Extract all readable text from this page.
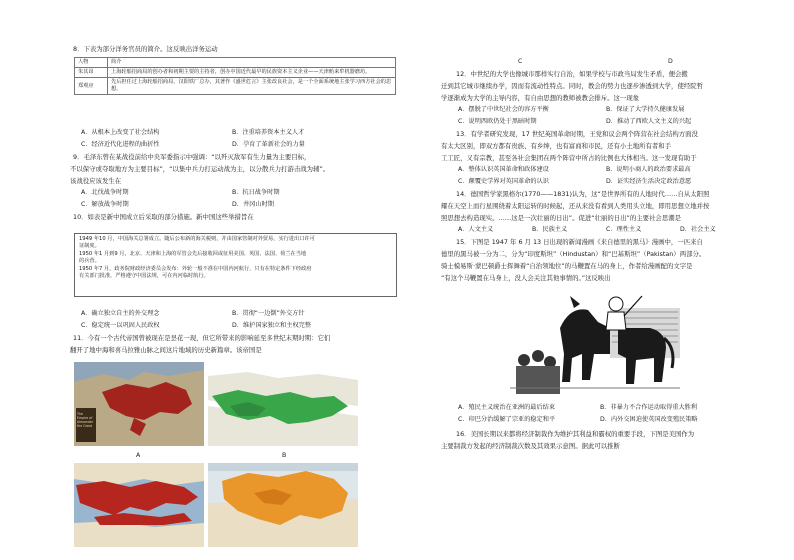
8．下表为部分洋务官员的简介。这反映出洋务运动
人物	简介
朱其昂	上海轮船招商局的创办者和初期主要的主持者，创办中国近代最早的民族资本主义企业——天津贻来牟机器磨坊。
郑观应	先后担任过上海轮船招商局、汉阳铁厂总办，其著作《盛世危言》主张改良社会，是一个全面系统地主张学习西方社会的思想。
A．从根本上改变了社会结构	B．注重培养资本主义人才
C．经济近代化进程的曲折性	D．孕育了革新社会的力量
9．毛泽东曾在某战役前给中央军委指示中强调：“以歼灭敌军有生力量为主要目标，
不以保守或夺取地方为主要目标”，“以集中兵力打运动战为主，以分散兵力打游击战为辅”。
该战役应该发生在
A．北伐战争时期	B．抗日战争时期
C．解放战争时期	D．井冈山时期
10．如表是新中国成立后采取的部分措施。新中国这些举措旨在
1949 年10 月，中国海关总署成立。随后公布新的海关税则，并由国家管制对外贸易，实行进出口许可
证制度。
1950 年1 月到9 月，北京、天津和上海的军管会先后接收回或征用美国、英国、法国、荷兰在当地
的兵营。
1950 年7 月，政务院财政经济委员会发布：外轮一般不准在中国内河航行，只有在特定条件下经政府
有关部门批准，严格遵守中国法规，可在内河临时航行。
A．确立独立自主的外交理念	B．贯彻“一边倒”外交方针
C．稳定统一以巩固人民政权	D．维护国家独立和主权完整
11．今有一个古代帝国曾被现在是昙花一现，但它所带来的影响延至多世纪末期时期：它们
翻开了地中海和喜马拉雅山脉之间这片地域的历史新篇章。该帝国是
The Empire of Alexander the Great
A	B
C	D
12．中世纪的大学也像城市那样实行自治，如果学校与市政当局发生矛盾，便会搬
迁到其它城市继续办学，因而有流动性特点。同时，教会的势力也逐步渗透到大学，使经院哲
学逐渐成为大学的主导内容，有自由思想的教师被教会排斥。这一现象
A．摆脱了中世纪社会的容方平衡	B．保证了大学持久健康发展
C．说明西欧仍处于黑暗时期	D．推动了西欧人文主义的兴起
13．有学者研究发现，17 世纪英国革命时期，王党和议会两个阵营在社会结构方面没
有太大区别，即双方都有贵族、有乡绅，也有富商和市民，还有小土地所有者和手
工工匠，又有宗教，甚至各社会集团在两个阵营中所占的比例也大体相当。这一发现有助于
A．整体认识英国革命和政体建设	B．说明小商人的政治要求最高
C．颠覆史学界对英国革命的认识	D．证实经济生活决定政治意愿
14．德国哲学家黑格尔(1770——1831)认为，这“是世界所有的人地时代……自从太阳照
耀在天空上而行星围绕着太阳运转的时候起，还从来没有看到人类用头立地，即用思想立地并按
照思想去构造现实。……这是一次壮丽的日出”。促进“壮丽的日出”的主要社会思潮是
A．人文主义	B．民族主义	C．理性主义	D．社会主义
15．下图是 1947 年 6 月 13 日出现的新闻漫画《来自德里的黑马》漫画中，一匹来自
德里的黑马被一分为二，分为“印度斯坦”（Hindustan）和“巴基斯坦”（Pakistan）两部分。
骑士模易斯·蒙巴顿爵士挥舞着“自治领地位”的马鞭置在马的身上，作者给漫画配的文字是
“有这个马鞭置在马身上，没人会关注其他事情的。”这反映出
A．殖民主义统治在亚洲的最后结束	B．非暴力不合作运动取得重大胜利
C．印巴分治缓解了宗亚的稳定和平	D．内外交困迫使英国改变殖民策略
16．美国长期以来都将经济制裁作为维护其利益和霸权的重要手段，下图是美国作为
主要制裁方发起的经济制裁次数及其效果示意图。据此可以推断
